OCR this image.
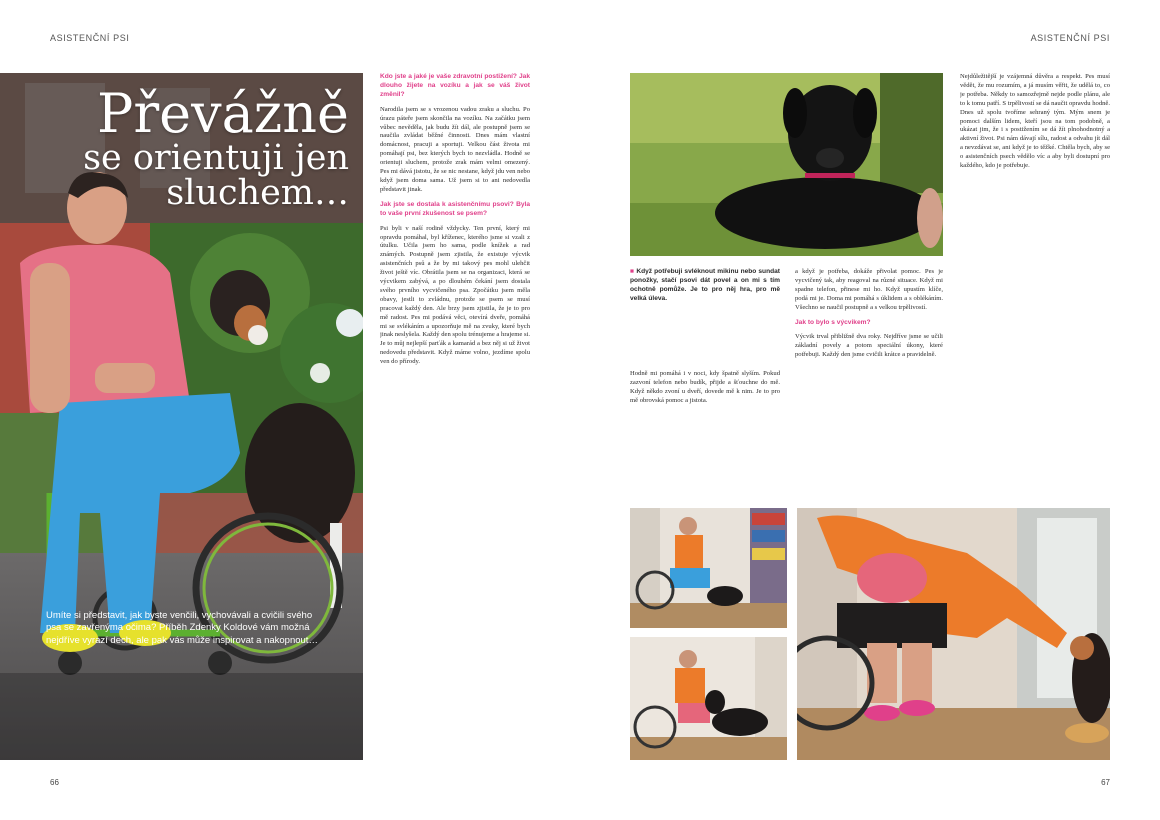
ASISTENČNÍ PSI	ASISTENČNÍ PSI
Převážně
se orientuji jen
sluchem…
Umíte si představit, jak byste venčili, vychovávali a cvičili svého psa se zavřenýma očima? Příběh Zdenky Koldové vám možná nejdříve vyrazí dech, ale pak vás může inspirovat a nakopnout…

Kdo jste a jaké je vaše zdravotní postižení? Jak dlouho žijete na vozíku a jak se váš život změnil?

Narodila jsem se s vrozenou vadou zraku a sluchu. Po úrazu páteře jsem skončila na vozíku. Na začátku jsem vůbec nevěděla, jak budu žít dál, ale postupně jsem se naučila zvládat běžné činnosti. Dnes mám vlastní domácnost, pracuji a sportuji. Velkou část života mi pomáhají psi, bez kterých bych to nezvládla. Hodně se orientuji sluchem, protože zrak mám velmi omezený. Pes mi dává jistotu, že se nic nestane, když jdu ven nebo když jsem doma sama. Už jsem si to ani nedovedla představit jinak.

Jak jste se dostala k asistenčnímu psovi? Byla to vaše první zkušenost se psem?

Psi byli v naší rodině vždycky. Ten první, který mi opravdu pomáhal, byl kříženec, kterého jsme si vzali z útulku. Učila jsem ho sama, podle knížek a rad známých. Postupně jsem zjistila, že existuje výcvik asistenčních psů a že by mi takový pes mohl ulehčit život ještě víc. Obrátila jsem se na organizaci, která se výcvikem zabývá, a po dlouhém čekání jsem dostala svého prvního vycvičeného psa. Zpočátku jsem měla obavy, jestli to zvládnu, protože se psem se musí pracovat každý den. Ale brzy jsem zjistila, že je to pro mě radost. Pes mi podává věci, otevírá dveře, pomáhá mi se svlékáním a upozorňuje mě na zvuky, které bych jinak neslyšela. Každý den spolu trénujeme a hrajeme si. Je to můj nejlepší parťák a kamarád a bez něj si už život nedovedu představit. Když máme volno, jezdíme spolu ven do přírody.

■ Když potřebuji svléknout mikinu nebo sundat ponožky, stačí psovi dát povel a on mi s tím ochotně pomůže. Je to pro něj hra, pro mě velká úleva.

Hodně mi pomáhá i v noci, kdy špatně slyším. Pokud zazvoní telefon nebo budík, přijde a šťouchne do mě. Když někdo zvoní u dveří, dovede mě k nim. Je to pro mě obrovská pomoc a jistota.

a když je potřeba, dokáže přivolat pomoc. Pes je vycvičený tak, aby reagoval na různé situace. Když mi spadne telefon, přinese mi ho. Když upustím klíče, podá mi je. Doma mi pomáhá s úklidem a s oblékáním. Všechno se naučil postupně a s velkou trpělivostí.

Jak to bylo s výcvikem?

Výcvik trval přibližně dva roky. Nejdříve jsme se učili základní povely a potom speciální úkony, které potřebuji. Každý den jsme cvičili krátce a pravidelně.

Nejdůležitější je vzájemná důvěra a respekt. Pes musí vědět, že mu rozumím, a já musím věřit, že udělá to, co je potřeba. Někdy to samozřejmě nejde podle plánu, ale to k tomu patří. S trpělivostí se dá naučit opravdu hodně. Dnes už spolu tvoříme sehraný tým. Mým snem je pomoci dalším lidem, kteří jsou na tom podobně, a ukázat jim, že i s postižením se dá žít plnohodnotný a aktivní život. Psi nám dávají sílu, radost a odvahu jít dál a nevzdávat se, ani když je to těžké. Chtěla bych, aby se o asistenčních psech vědělo víc a aby byli dostupní pro každého, kdo je potřebuje.

66	67
